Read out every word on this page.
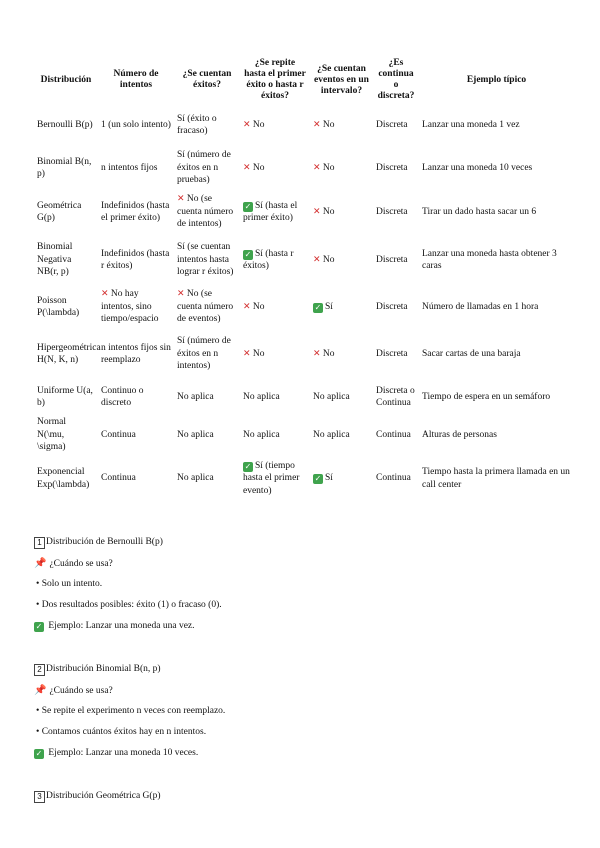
Distribución	Número de intentos	¿Se cuentan éxitos?	¿Se repite hasta el primer éxito o hasta r éxitos?	¿Se cuentan eventos en un intervalo?	¿Es continua o discreta?	Ejemplo típico
Bernoulli B(p)	1 (un solo intento)	Sí (éxito o fracaso)	✕ No	✕ No	Discreta	Lanzar una moneda 1 vez
Binomial B(n, p)	n intentos fijos	Sí (número de éxitos en n pruebas)	✕ No	✕ No	Discreta	Lanzar una moneda 10 veces
Geométrica G(p)	Indefinidos (hasta el primer éxito)	✕ No (se cuenta número de intentos)	✓ Sí (hasta el primer éxito)	✕ No	Discreta	Tirar un dado hasta sacar un 6
Binomial Negativa NB(r, p)	Indefinidos (hasta r éxitos)	Sí (se cuentan intentos hasta lograr r éxitos)	✓ Sí (hasta r éxitos)	✕ No	Discreta	Lanzar una moneda hasta obtener 3 caras
Poisson P(\lambda)	✕ No hay intentos, sino tiempo/espacio	✕ No (se cuenta número de eventos)	✕ No	✓ Sí	Discreta	Número de llamadas en 1 hora
Hipergeométrica H(N, K, n)	n intentos fijos sin reemplazo	Sí (número de éxitos en n intentos)	✕ No	✕ No	Discreta	Sacar cartas de una baraja
Uniforme U(a, b)	Continuo o discreto	No aplica	No aplica	No aplica	Discreta o Continua	Tiempo de espera en un semáforo
Normal N(\mu, \sigma)	Continua	No aplica	No aplica	No aplica	Continua	Alturas de personas
Exponencial Exp(\lambda)	Continua	No aplica	✓ Sí (tiempo hasta el primer evento)	✓ Sí	Continua	Tiempo hasta la primera llamada en un call center
1 Distribución de Bernoulli B(p)
📌 ¿Cuándo se usa?
• Solo un intento.
• Dos resultados posibles: éxito (1) o fracaso (0).
✓ Ejemplo: Lanzar una moneda una vez.
2 Distribución Binomial B(n, p)
📌 ¿Cuándo se usa?
• Se repite el experimento n veces con reemplazo.
• Contamos cuántos éxitos hay en n intentos.
✓ Ejemplo: Lanzar una moneda 10 veces.
3 Distribución Geométrica G(p)
